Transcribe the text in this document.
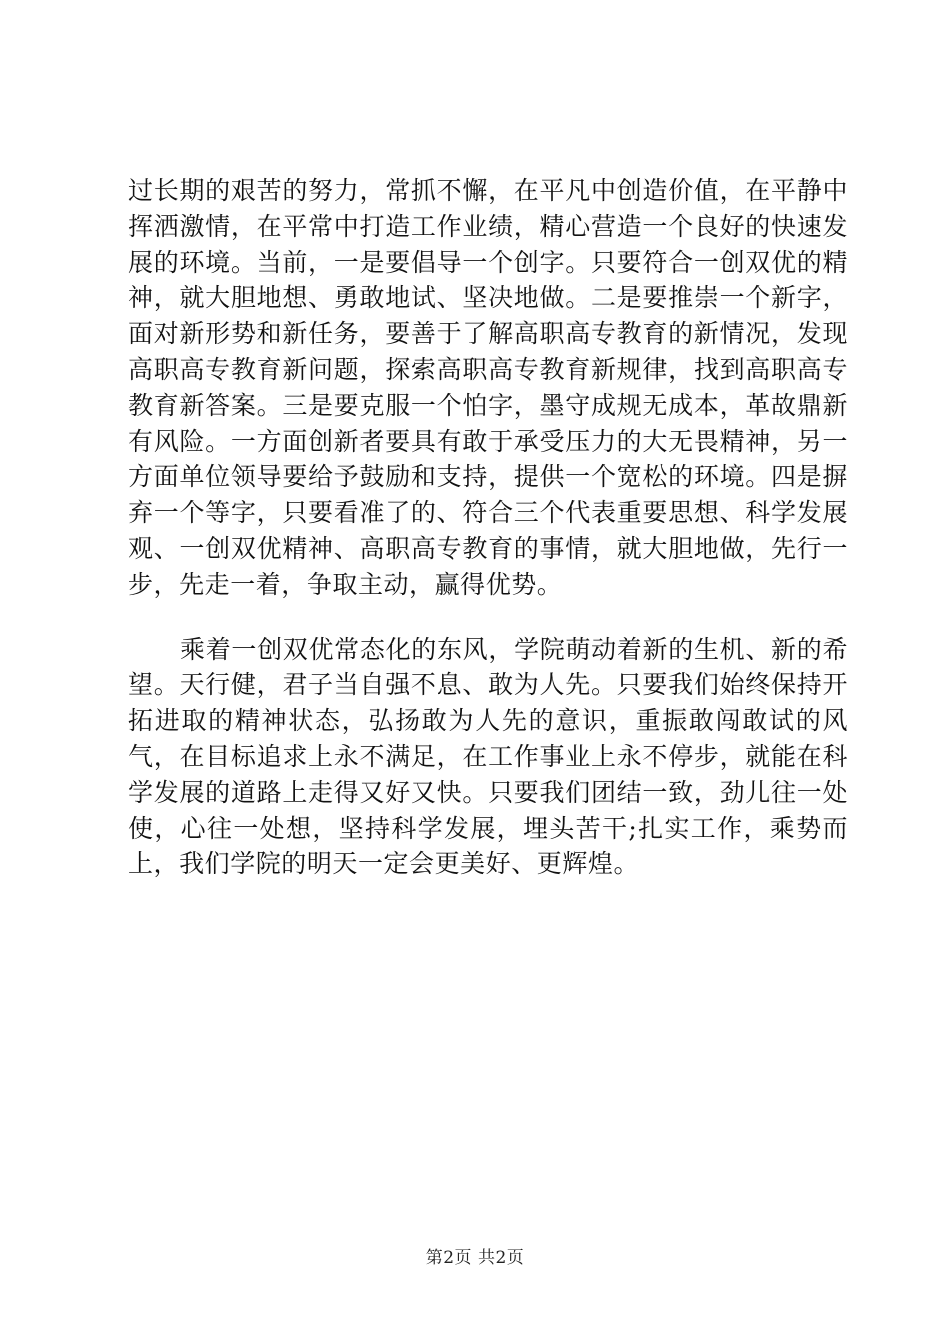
过长期的艰苦的努力，常抓不懈，在平凡中创造价值，在平静中挥洒激情，在平常中打造工作业绩，精心营造一个良好的快速发展的环境。当前，一是要倡导一个创字。只要符合一创双优的精神，就大胆地想、勇敢地试、坚决地做。二是要推崇一个新字，面对新形势和新任务，要善于了解高职高专教育的新情况，发现高职高专教育新问题，探索高职高专教育新规律，找到高职高专教育新答案。三是要克服一个怕字，墨守成规无成本，革故鼎新有风险。一方面创新者要具有敢于承受压力的大无畏精神，另一方面单位领导要给予鼓励和支持，提供一个宽松的环境。四是摒弃一个等字，只要看准了的、符合三个代表重要思想、科学发展观、一创双优精神、高职高专教育的事情，就大胆地做，先行一步，先走一着，争取主动，赢得优势。

乘着一创双优常态化的东风，学院萌动着新的生机、新的希望。天行健，君子当自强不息、敢为人先。只要我们始终保持开拓进取的精神状态，弘扬敢为人先的意识，重振敢闯敢试的风气，在目标追求上永不满足，在工作事业上永不停步，就能在科学发展的道路上走得又好又快。只要我们团结一致，劲儿往一处使，心往一处想，坚持科学发展，埋头苦干;扎实工作，乘势而上，我们学院的明天一定会更美好、更辉煌。

第2页 共2页
